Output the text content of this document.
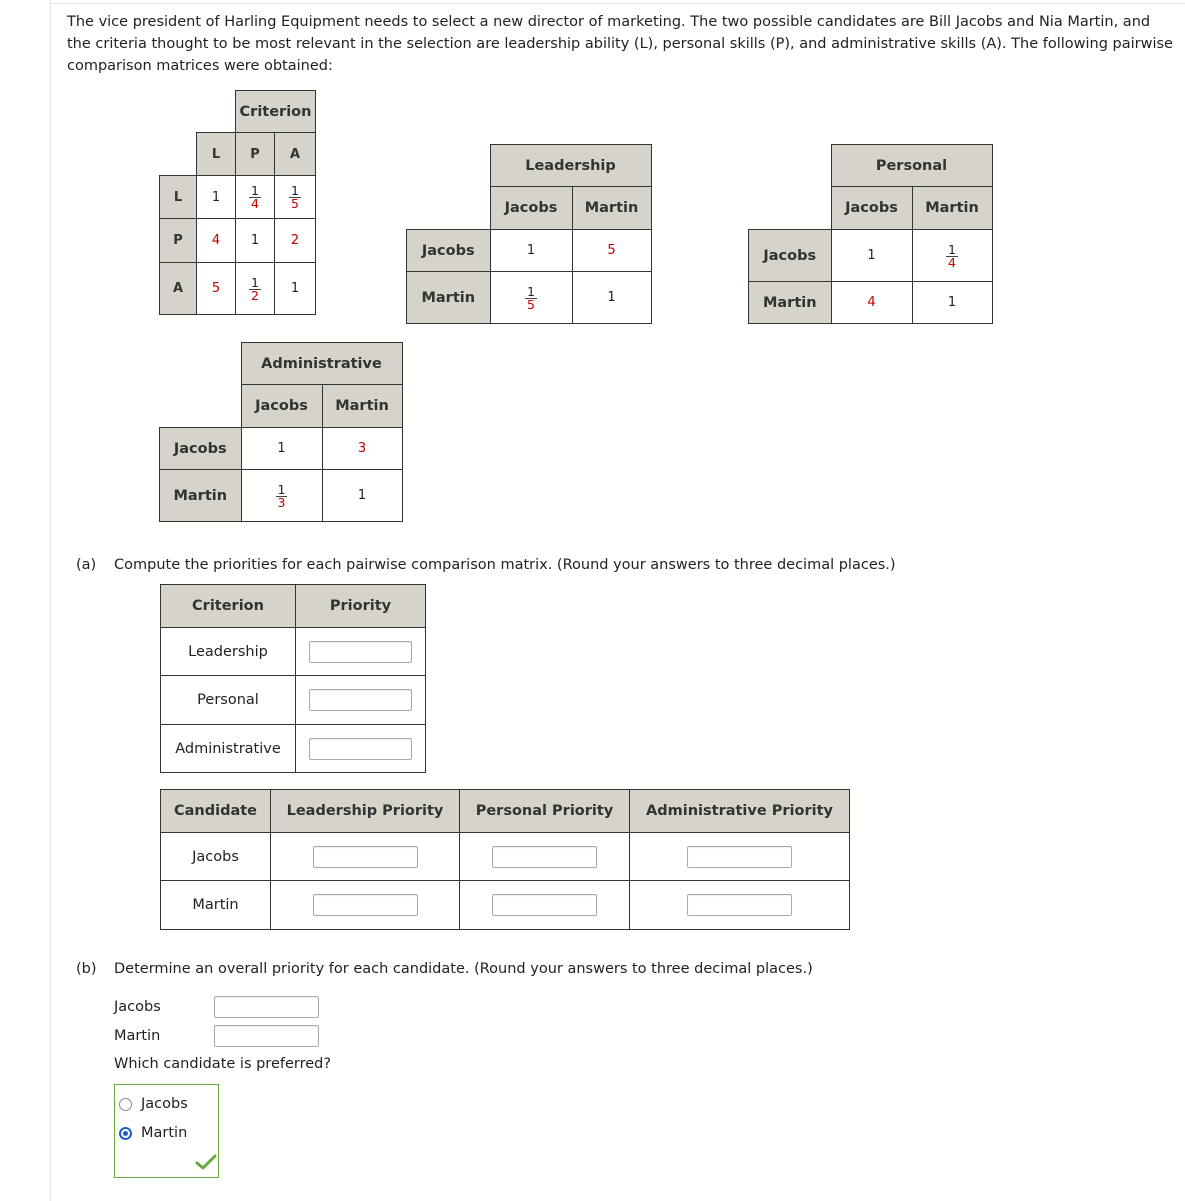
The vice president of Harling Equipment needs to select a new director of marketing. The two possible candidates are Bill Jacobs and Nia Martin, and the criteria thought to be most relevant in the selection are leadership ability (L), personal skills (P), and administrative skills (A). The following pairwise comparison matrices were obtained:
		Criterion	
	L	P	A
L	1	$\frac{1}{4}$	$\frac{1}{5}$

P	4	1	2
A	5	$\frac{1}{2}$	1
	Leadership	
	Jacobs	Martin
Jacobs	1	5
Martin	$\frac{1}{5}$	1
	Personal	
	Jacobs	Martin
Jacobs	1	$\frac{1}{4}$

Martin	4	1
	Administrative	
	Jacobs	Martin
Jacobs	1	3
Martin	$\frac{1}{3}$	1
(a) Compute the priorities for each pairwise comparison matrix. (Round your answers to three decimal places.)
Criterion	Priority
Leadership	
Personal	
Administrative	
Candidate	Leadership Priority	Personal Priority	Administrative Priority
Jacobs			
Martin			
(b) Determine an overall priority for each candidate. (Round your answers to three decimal places.)
Jacobs
Martin
Which candidate is preferred?
Jacobs
Martin
